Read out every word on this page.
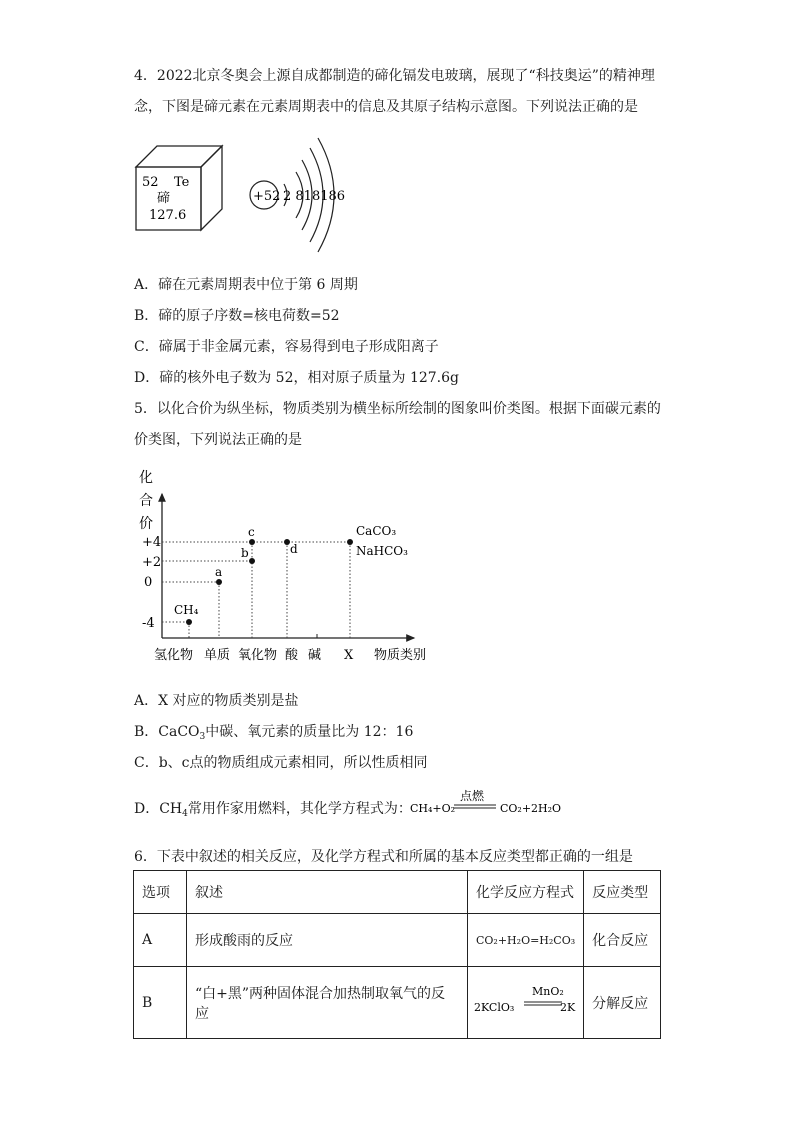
4．2022北京冬奥会上源自成都制造的碲化镉发电玻璃，展现了“科技奥运”的精神理
念，下图是碲元素在元素周期表中的信息及其原子结构示意图。下列说法正确的是
52 Te
碲
127.6
+52 2 818186
A．碲在元素周期表中位于第 6 周期
B．碲的原子序数=核电荷数=52
C．碲属于非金属元素，容易得到电子形成阳离子
D．碲的核外电子数为 52，相对原子质量为 127.6g
5．以化合价为纵坐标，物质类别为横坐标所绘制的图象叫价类图。根据下面碳元素的
价类图，下列说法正确的是
化
合
价
+4
+2
0
-4
CH₄
a
b
c
d
CaCO₃
NaHCO₃
氢化物 单质 氧化物 酸 碱 X 物质类别
A．X 对应的物质类别是盐
B．CaCO$_3$中碳、氧元素的质量比为 12：16
C．b、c点的物质组成元素相同，所以性质相同
D．$CH_4$常用作家用燃料，其化学方程式为：
CH₄+O₂
点燃
CO₂+2H₂O
6．下表中叙述的相关反应，及化学方程式和所属的基本反应类型都正确的一组是
选项	叙述	化学反应方程式	反应类型
A	形成酸雨的反应	CO₂+H₂O=H₂CO₃	化合反应
B	“白+黑”两种固体混合加热制取氧气的反应	2KClO₃
MnO₂
2K	分解反应
